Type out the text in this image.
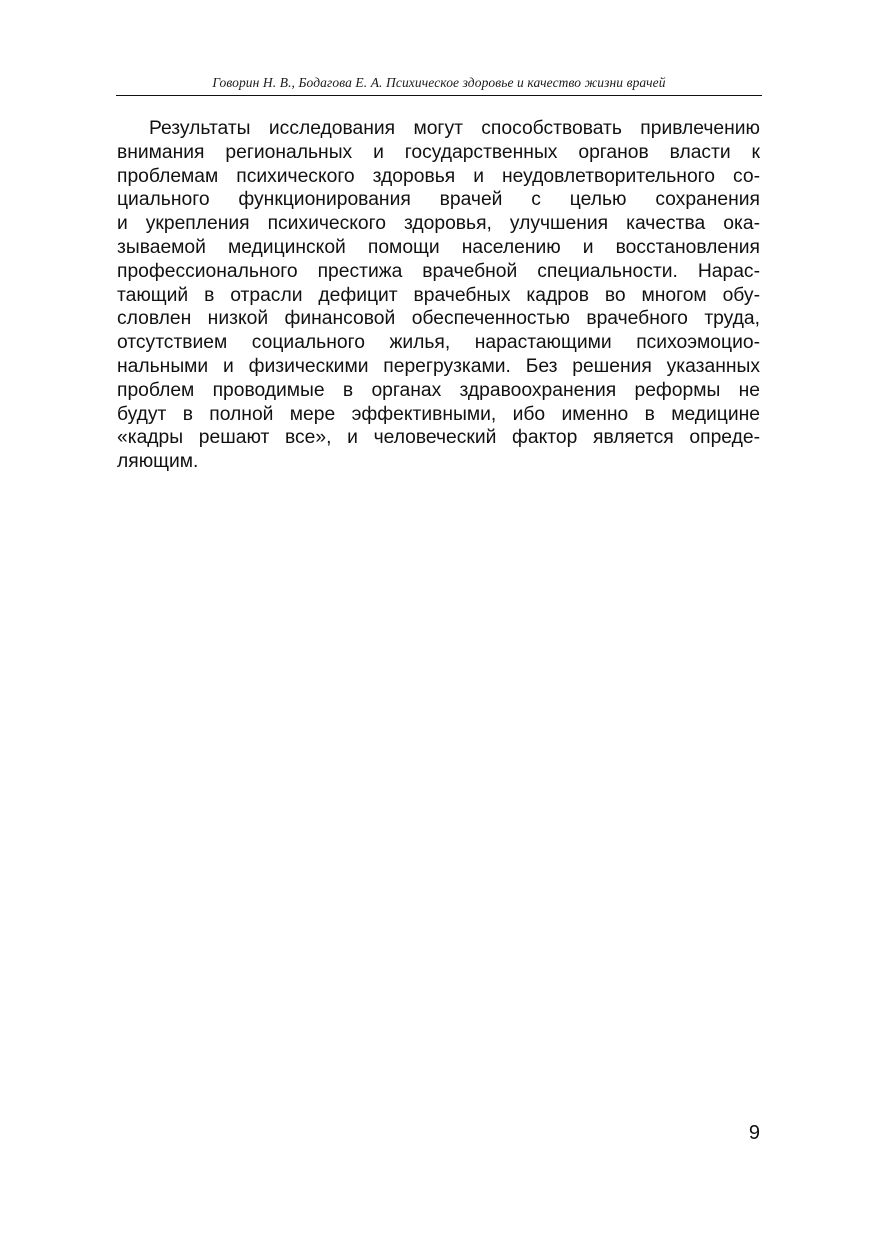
Говорин Н. В., Бодагова Е. А. Психическое здоровье и качество жизни врачей
Результаты исследования могут способствовать привлечению
внимания региональных и государственных органов власти к
проблемам психического здоровья и неудовлетворительного со-
циального функционирования врачей с целью сохранения
и укрепления психического здоровья, улучшения качества ока-
зываемой медицинской помощи населению и восстановления
профессионального престижа врачебной специальности. Нарас-
тающий в отрасли дефицит врачебных кадров во многом обу-
словлен низкой финансовой обеспеченностью врачебного труда,
отсутствием социального жилья, нарастающими психоэмоцио-
нальными и физическими перегрузками. Без решения указанных
проблем проводимые в органах здравоохранения реформы не
будут в полной мере эффективными, ибо именно в медицине
«кадры решают все», и человеческий фактор является опреде-
ляющим.
9
